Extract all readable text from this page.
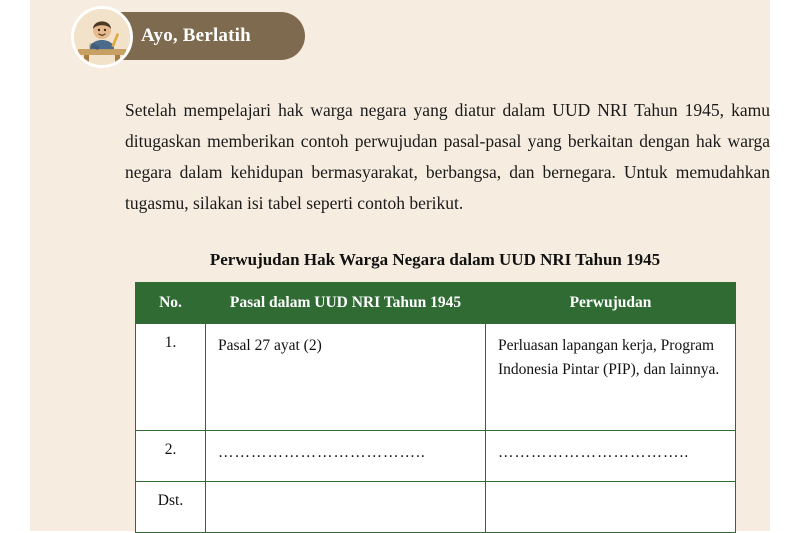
Ayo, Berlatih
Setelah mempelajari hak warga negara yang diatur dalam UUD NRI Tahun 1945, kamu ditugaskan memberikan contoh perwujudan pasal-pasal yang berkaitan dengan hak warga negara dalam kehidupan bermasyarakat, berbangsa, dan bernegara. Untuk memudahkan tugasmu, silakan isi tabel seperti contoh berikut.
Perwujudan Hak Warga Negara dalam UUD NRI Tahun 1945
No.	Pasal dalam UUD NRI Tahun 1945	Perwujudan
1.	Pasal 27 ayat (2)	Perluasan lapangan kerja, Program Indonesia Pintar (PIP), dan lainnya.
2.	………………………………..	……………………………..
Dst.		
